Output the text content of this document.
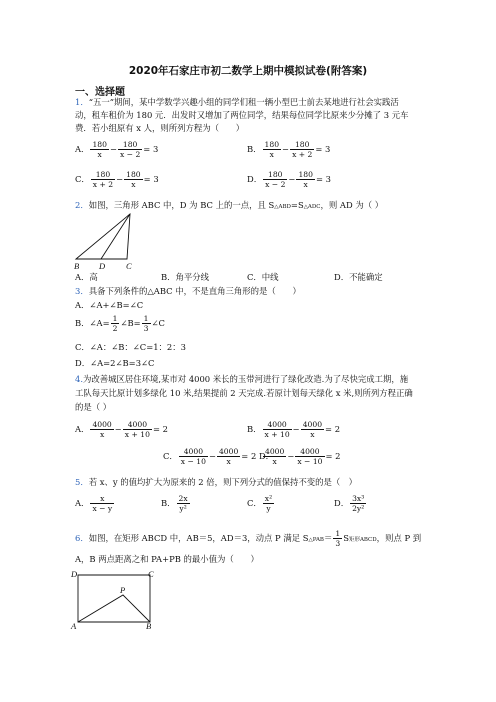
2020年石家庄市初二数学上期中模拟试卷(附答案)
一、选择题
1．“五一”期间，某中学数学兴趣小组的同学们租一辆小型巴士前去某地进行社会实践活
动，租车租价为 180 元．出发时又增加了两位同学，结果每位同学比原来少分摊了 3 元车
费．若小组原有 x 人，则所列方程为（　　）
A． $\frac{180}{x} - \frac{180}{x - 2} = 3$	B． $\frac{180}{x} - \frac{180}{x + 2} = 3$
C． $\frac{180}{x + 2} - \frac{180}{x} = 3$	D． $\frac{180}{x - 2} - \frac{180}{x} = 3$
2．如图，三角形 ABC 中，D 为 BC 上的一点，且 S△ABD=S△ADC，则 AD 为（ ）
B D C
A．高	B．角平分线	C．中线	D．不能确定
3．具备下列条件的△ABC 中，不是直角三角形的是（　　）
A．∠A+∠B=∠C
B．∠A= $\frac{1}{2}$ ∠B= $\frac{1}{3}$ ∠C
C．∠A：∠B：∠C=1：2：3
D．∠A=2∠B=3∠C
4.为改善城区居住环境,某市对 4000 米长的玉带河进行了绿化改造.为了尽快完成工期，施
工队每天比原计划多绿化 10 米,结果提前 2 天完成.若原计划每天绿化 x 米,则所列方程正确
的是（ ）
A． $\frac{4000}{x} - \frac{4000}{x + 10} = 2$	B． $\frac{4000}{x + 10} - \frac{4000}{x} = 2$
C． $\frac{4000}{x - 10} - \frac{4000}{x} = 2$ D．
$\frac{4000}{x} - \frac{4000}{x - 10} = 2$
5．若 x、y 的值均扩大为原来的 2 倍，则下列分式的值保持不变的是（　）
A． $\frac{x}{x - y}$	B． $\frac{2x}{\text{y²}}$	C． $\frac{\text{x²}}{y}$	D． $\frac{\text{3x³}}{\text{2y²}}$
6．如图，在矩形 ABCD 中，AB＝5，AD＝3，动点 P 满足 S△PAB＝ $\frac{1}{3}$ S矩形ABCD，则点 P 到
A，B 两点距离之和 PA+PB 的最小值为（　　）
D	C
P
A	B
